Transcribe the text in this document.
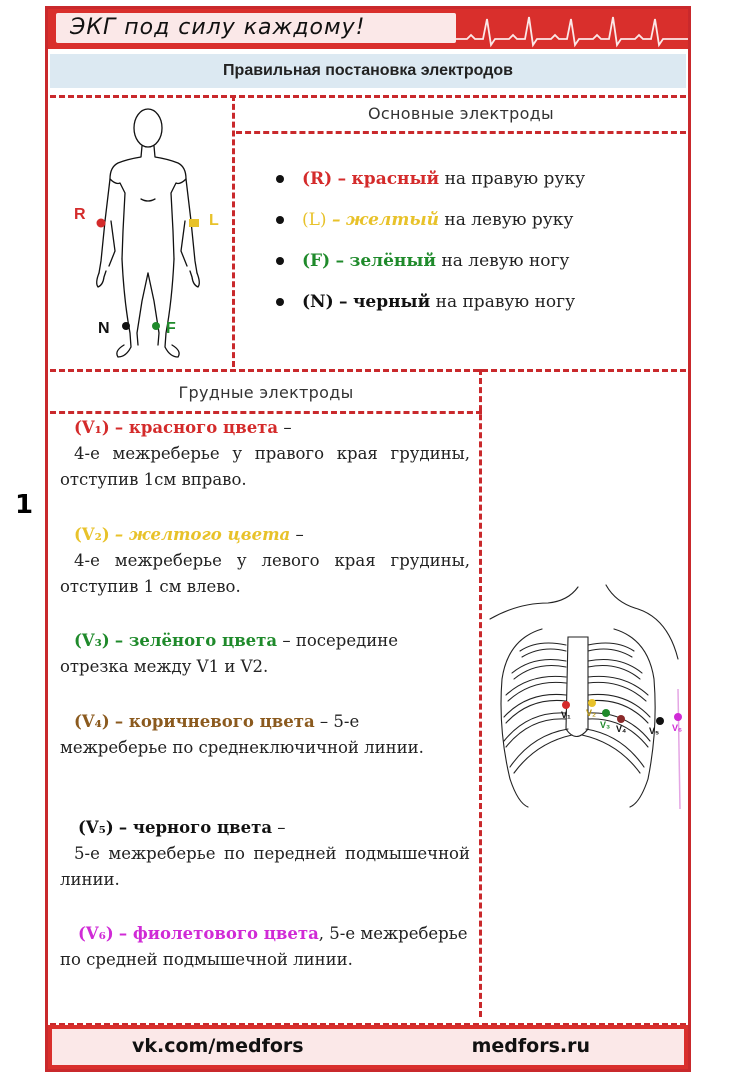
1
ЭКГ под силу каждому!
Правильная постановка электродов
R	L
N	F
Основные электроды
(R) – красный на правую руку
(L) – желтый на левую руку
(F) – зелёный на левую ногу
(N) – черный на правую ногу
Грудные электроды
(V₁) – красного цвета –
4-е межреберье у правого края грудины, отступив 1см вправо.
(V₂) – желтого цвета –
4-е межреберье у левого края грудины, отступив 1 см влево.
(V₃) – зелёного цвета – посередине отрезка между V1 и V2.
(V₄) – коричневого цвета – 5-е межреберье по среднеключичной линии.
(V₅) – черного цвета –
5-е межреберье по передней подмышечной линии.
(V₆) – фиолетового цвета, 5-е межреберье по средней подмышечной линии.
V₁ V₂
V₃ V₄	V₅ V₆
vk.com/medfors	medfors.ru
